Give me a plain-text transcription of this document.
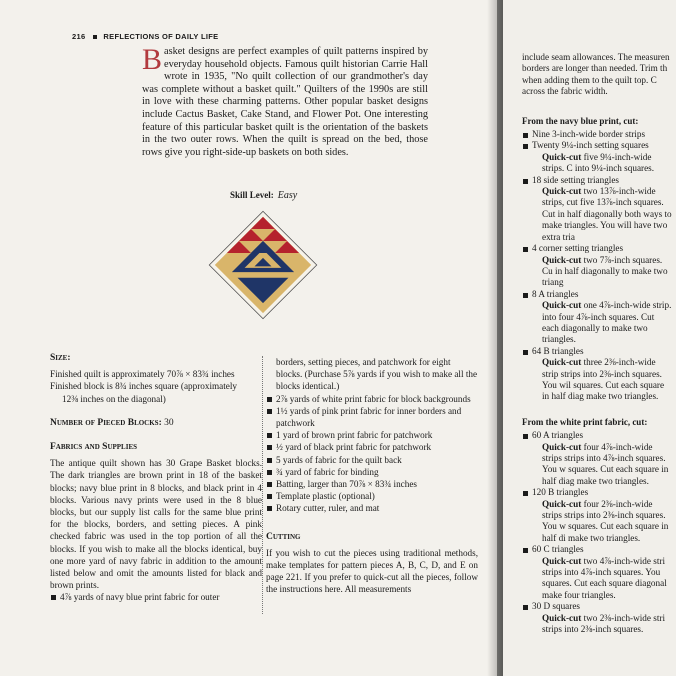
216 REFLECTIONS OF DAILY LIFE
Basket designs are perfect examples of quilt patterns inspired by everyday household objects. Famous quilt historian Carrie Hall wrote in 1935, "No quilt collection of our grandmother's day was complete without a basket quilt." Quilters of the 1990s are still in love with these charming patterns. Other popular basket designs include Cactus Basket, Cake Stand, and Flower Pot. One interesting feature of this particular basket quilt is the orientation of the baskets in the two outer rows. When the quilt is spread on the bed, those rows give you right-side-up baskets on both sides.
Skill Level: Easy
Size:

Finished quilt is approximately 70⅞ × 83¾ inches

Finished block is 8¾ inches square (approximately

12⅜ inches on the diagonal)

Number of Pieced Blocks: 30
Fabrics and Supplies

The antique quilt shown has 30 Grape Basket blocks. The dark triangles are brown print in 18 of the basket blocks; navy blue print in 8 blocks, and black print in 4 blocks. Various navy prints were used in the 8 blue blocks, but our supply list calls for the same blue print for the blocks, borders, and setting pieces. A pink checked fabric was used in the top portion of all the blocks. If you wish to make all the blocks identical, buy one more yard of navy fabric in addition to the amount listed below and omit the amounts listed for black and brown prints.

4⅞ yards of navy blue print fabric for outer

borders, setting pieces, and patchwork for eight blocks. (Purchase 5⅞ yards if you wish to make all the blocks identical.)

2⅞ yards of white print fabric for block backgrounds
1½ yards of pink print fabric for inner borders and patchwork
1 yard of brown print fabric for patchwork
½ yard of black print fabric for patchwork
5 yards of fabric for the quilt back
¾ yard of fabric for binding
Batting, larger than 70⅞ × 83¾ inches
Template plastic (optional)
Rotary cutter, ruler, and mat
Cutting

If you wish to cut the pieces using traditional methods, make templates for pattern pieces A, B, C, D, and E on page 221. If you prefer to quick-cut all the pieces, follow the instructions here. All measurements

include seam allowances. The measuren

borders are longer than needed. Trim th

when adding them to the quilt top. C

across the fabric width.

From the navy blue print, cut:
Nine 3-inch-wide border strips
Twenty 9¼-inch setting squares
Quick-cut five 9¼-inch-wide strips. C into 9¼-inch squares.
18 side setting triangles
Quick-cut two 13⅞-inch-wide strips, cut five 13⅞-inch squares. Cut in half diagonally both ways to make triangles. You will have two extra tria
4 corner setting triangles
Quick-cut two 7⅞-inch squares. Cu in half diagonally to make two triang
8 A triangles
Quick-cut one 4⅞-inch-wide strip. into four 4⅞-inch squares. Cut each diagonally to make two triangles.
64 B triangles
Quick-cut three 2⅜-inch-wide strip strips into 2⅜-inch squares. You wil squares. Cut each square in half diag make two triangles.
From the white print fabric, cut:
60 A triangles
Quick-cut four 4⅞-inch-wide strips strips into 4⅞-inch squares. You w squares. Cut each square in half diag make two triangles.
120 B triangles
Quick-cut four 2⅜-inch-wide strips strips into 2⅜-inch squares. You w squares. Cut each square in half di make two triangles.
60 C triangles
Quick-cut two 4⅞-inch-wide stri strips into 4⅞-inch squares. You squares. Cut each square diagonal make four triangles.
30 D squares
Quick-cut two 2⅜-inch-wide stri strips into 2⅜-inch squares.
